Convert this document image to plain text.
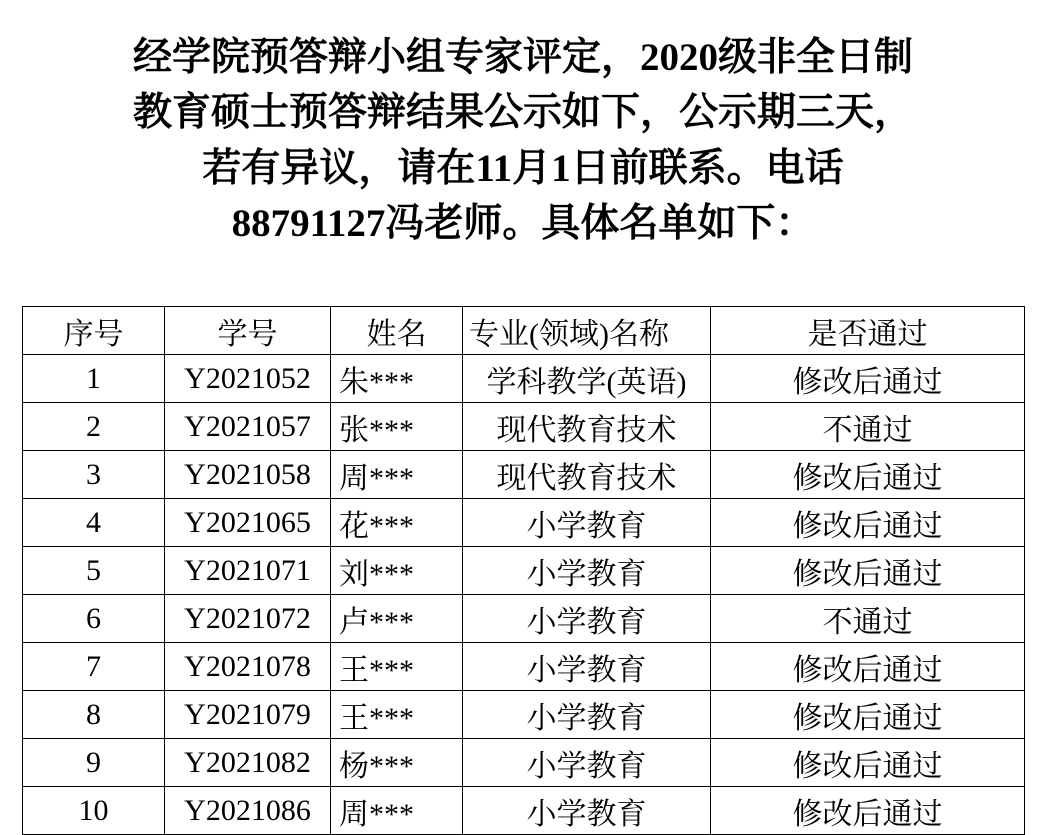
经学院预答辩小组专家评定，2020级非全日制

教育硕士预答辩结果公示如下，公示期三天，

若有异议，请在11月1日前联系。电话

88791127冯老师。具体名单如下：

序号	学号	姓名	专业(领域)名称	是否通过

1	Y2021052	朱***	学科教学(英语)	修改后通过

2	Y2021057	张***	现代教育技术	不通过

3	Y2021058	周***	现代教育技术	修改后通过

4	Y2021065	花***	小学教育	修改后通过

5	Y2021071	刘***	小学教育	修改后通过

6	Y2021072	卢***	小学教育	不通过

7	Y2021078	王***	小学教育	修改后通过

8	Y2021079	王***	小学教育	修改后通过

9	Y2021082	杨***	小学教育	修改后通过

10	Y2021086	周***	小学教育	修改后通过
